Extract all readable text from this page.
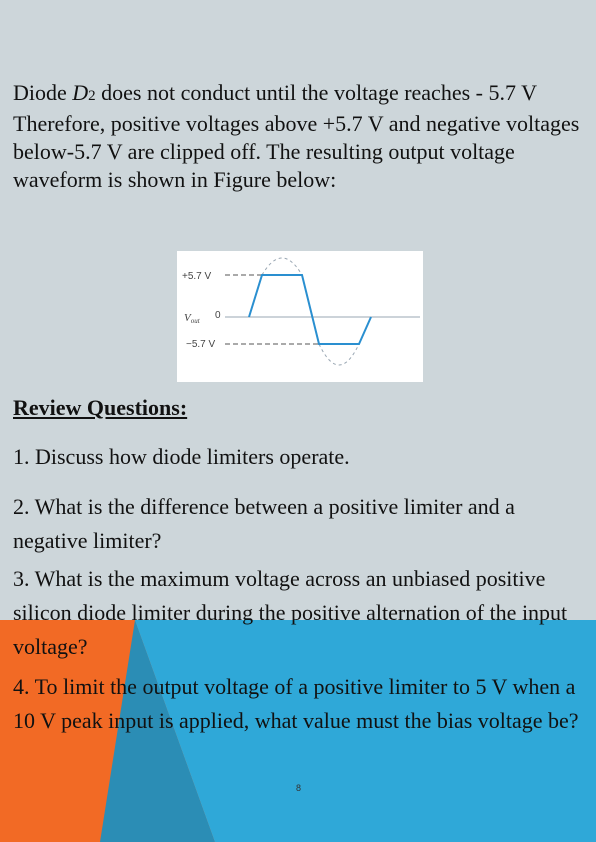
Diode D2 does not conduct until the voltage reaches - 5.7 V Therefore, positive voltages above +5.7 V and negative voltages below-5.7 V are clipped off. The resulting output voltage waveform is shown in Figure below:

+5.7 V
Vout 0
−5.7 V
Review Questions:

1. Discuss how diode limiters operate.

2. What is the difference between a positive limiter and a negative limiter?

3. What is the maximum voltage across an unbiased positive silicon diode limiter during the positive alternation of the input voltage?

4. To limit the output voltage of a positive limiter to 5 V when a 10 V peak input is applied, what value must the bias voltage be?

8
